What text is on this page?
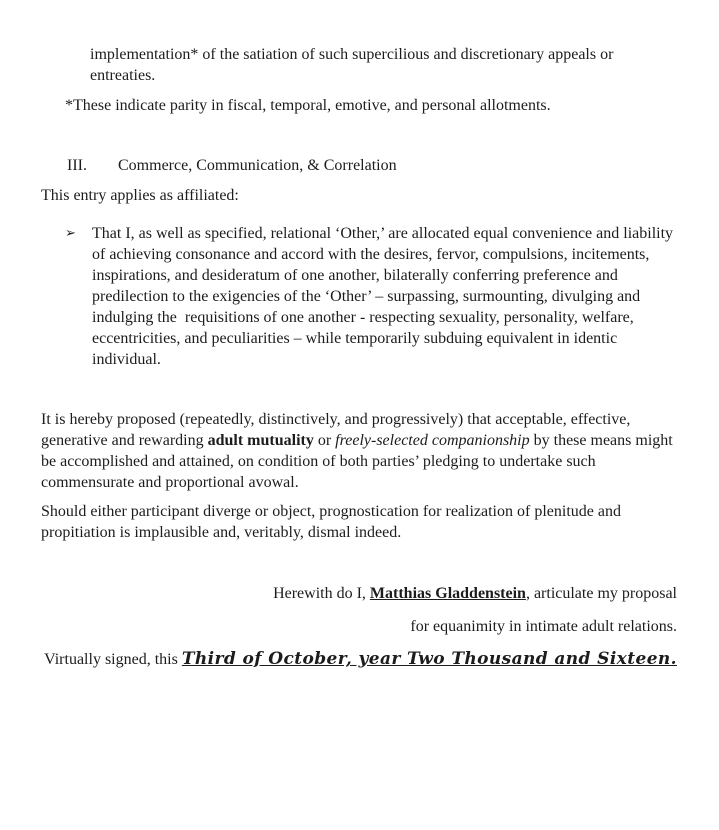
implementation* of the satiation of such supercilious and discretionary appeals or entreaties.

*These indicate parity in fiscal, temporal, emotive, and personal allotments.

III.	Commerce, Communication, & Correlation

This entry applies as affiliated:

➢	That I, as well as specified, relational ‘Other,’ are allocated equal convenience and liability of achieving consonance and accord with the desires, fervor, compulsions, incitements, inspirations, and desideratum of one another, bilaterally conferring preference and predilection to the exigencies of the ‘Other’ – surpassing, surmounting, divulging and indulging the  requisitions of one another - respecting sexuality, personality, welfare, eccentricities, and peculiarities – while temporarily subduing equivalent in identic individual.

It is hereby proposed (repeatedly, distinctively, and progressively) that acceptable, effective, generative and rewarding adult mutuality or freely-selected companionship by these means might be accomplished and attained, on condition of both parties’ pledging to undertake such commensurate and proportional avowal.

Should either participant diverge or object, prognostication for realization of plenitude and propitiation is implausible and, veritably, dismal indeed.

Herewith do I, Matthias Gladdenstein, articulate my proposal

for equanimity in intimate adult relations.

Virtually signed, this Third of October, year Two Thousand and Sixteen.
